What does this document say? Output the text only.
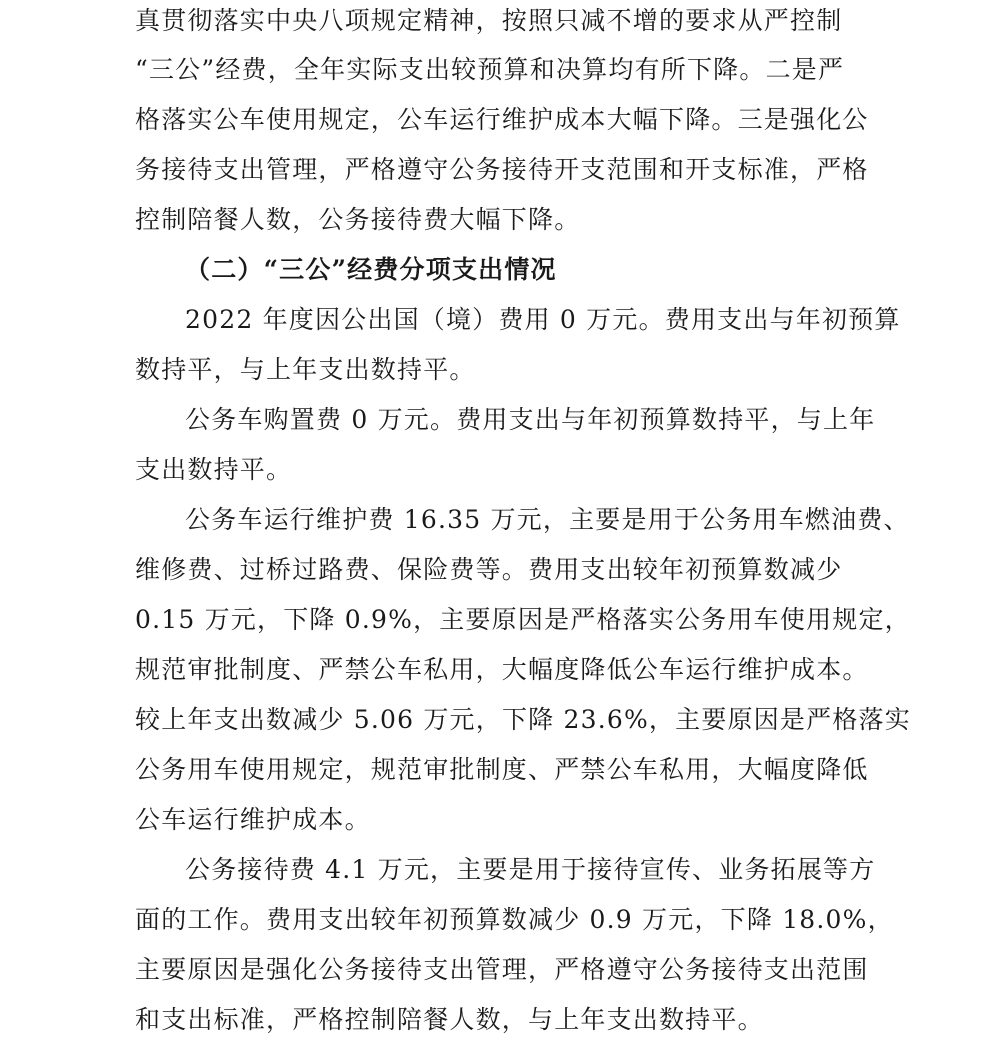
真贯彻落实中央八项规定精神，按照只减不增的要求从严控制
“三公”经费，全年实际支出较预算和决算均有所下降。二是严
格落实公车使用规定，公车运行维护成本大幅下降。三是强化公
务接待支出管理，严格遵守公务接待开支范围和开支标准，严格
控制陪餐人数，公务接待费大幅下降。
（二）“三公”经费分项支出情况
2022 年度因公出国（境）费用 0 万元。费用支出与年初预算
数持平，与上年支出数持平。
公务车购置费 0 万元。费用支出与年初预算数持平，与上年
支出数持平。
公务车运行维护费 16.35 万元，主要是用于公务用车燃油费、
维修费、过桥过路费、保险费等。费用支出较年初预算数减少
0.15 万元，下降 0.9%，主要原因是严格落实公务用车使用规定，
规范审批制度、严禁公车私用，大幅度降低公车运行维护成本。
较上年支出数减少 5.06 万元，下降 23.6%，主要原因是严格落实
公务用车使用规定，规范审批制度、严禁公车私用，大幅度降低
公车运行维护成本。
公务接待费 4.1 万元，主要是用于接待宣传、业务拓展等方
面的工作。费用支出较年初预算数减少 0.9 万元，下降 18.0%，
主要原因是强化公务接待支出管理，严格遵守公务接待支出范围
和支出标准，严格控制陪餐人数，与上年支出数持平。
